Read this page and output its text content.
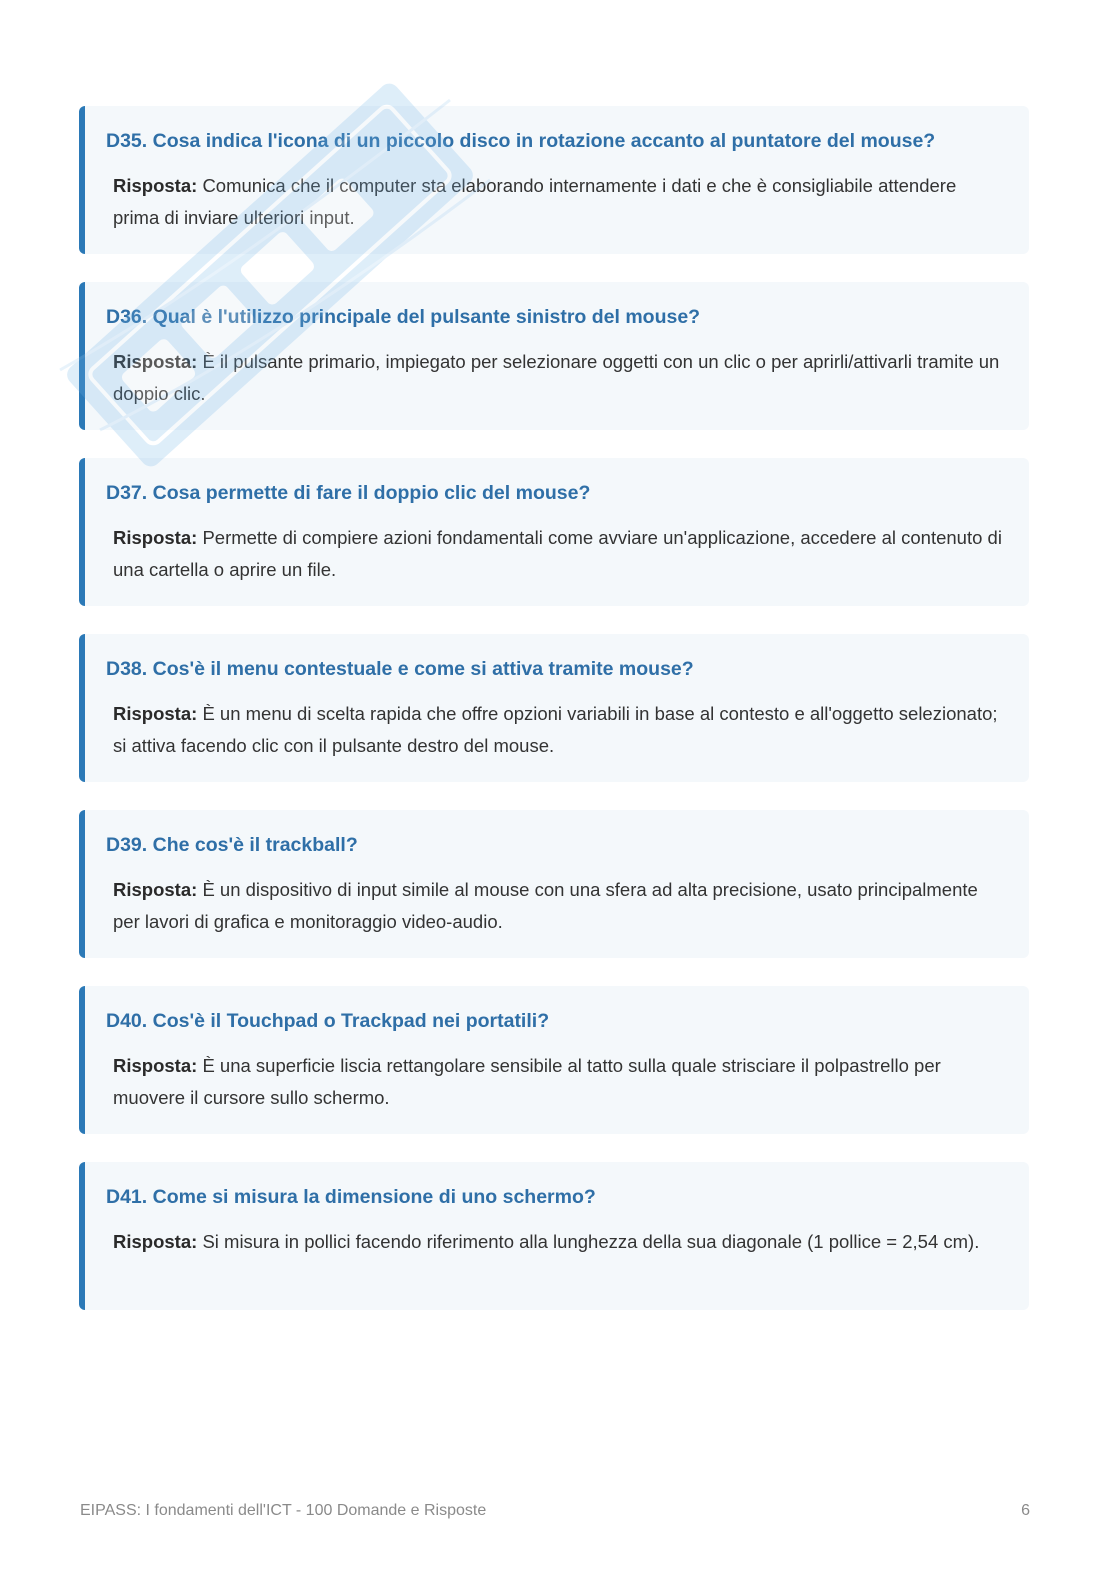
D35. Cosa indica l'icona di un piccolo disco in rotazione accanto al puntatore del mouse?
Risposta: Comunica che il computer sta elaborando internamente i dati e che è consigliabile attendere prima di inviare ulteriori input.
D36. Qual è l'utilizzo principale del pulsante sinistro del mouse?
Risposta: È il pulsante primario, impiegato per selezionare oggetti con un clic o per aprirli/attivarli tramite un doppio clic.
D37. Cosa permette di fare il doppio clic del mouse?
Risposta: Permette di compiere azioni fondamentali come avviare un'applicazione, accedere al contenuto di una cartella o aprire un file.
D38. Cos'è il menu contestuale e come si attiva tramite mouse?
Risposta: È un menu di scelta rapida che offre opzioni variabili in base al contesto e all'oggetto selezionato; si attiva facendo clic con il pulsante destro del mouse.
D39. Che cos'è il trackball?
Risposta: È un dispositivo di input simile al mouse con una sfera ad alta precisione, usato principalmente per lavori di grafica e monitoraggio video-audio.
D40. Cos'è il Touchpad o Trackpad nei portatili?
Risposta: È una superficie liscia rettangolare sensibile al tatto sulla quale strisciare il polpastrello per muovere il cursore sullo schermo.
D41. Come si misura la dimensione di uno schermo?
Risposta: Si misura in pollici facendo riferimento alla lunghezza della sua diagonale (1 pollice = 2,54 cm).
EIPASS: I fondamenti dell'ICT - 100 Domande e Risposte	6
